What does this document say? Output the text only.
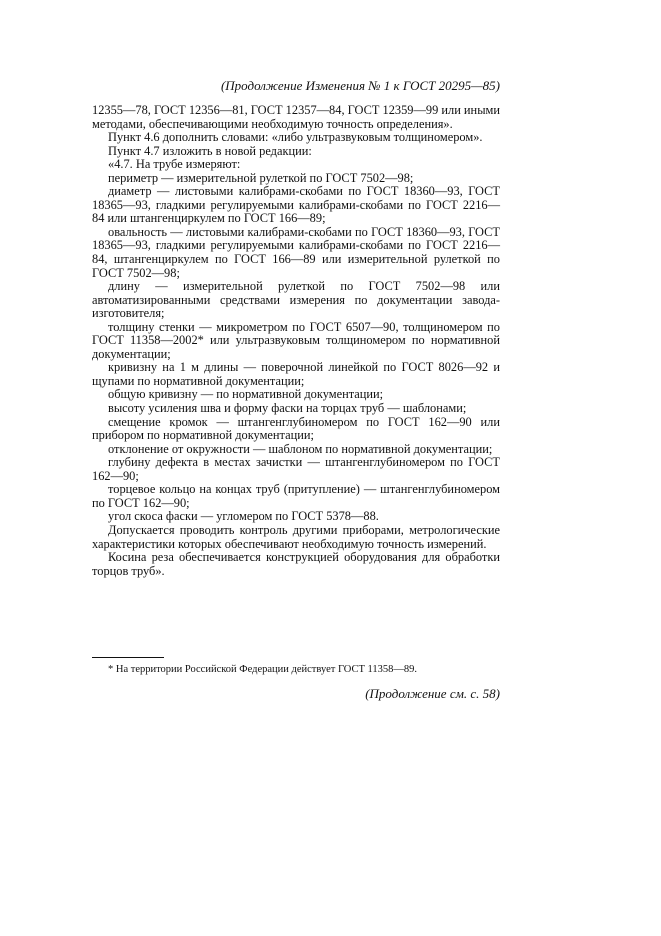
(Продолжение Изменения № 1 к ГОСТ 20295—85)

12355—78, ГОСТ 12356—81, ГОСТ 12357—84, ГОСТ 12359—99 или иными методами, обеспечивающими необходимую точность определения».

Пункт 4.6 дополнить словами: «либо ультразвуковым толщиномером».

Пункт 4.7 изложить в новой редакции:

«4.7. На трубе измеряют:

периметр — измерительной рулеткой по ГОСТ 7502—98;

диаметр — листовыми калибрами-скобами по ГОСТ 18360—93, ГОСТ 18365—93, гладкими регулируемыми калибрами-скобами по ГОСТ 2216—84 или штангенциркулем по ГОСТ 166—89;

овальность — листовыми калибрами-скобами по ГОСТ 18360—93, ГОСТ 18365—93, гладкими регулируемыми калибрами-скобами по ГОСТ 2216—84, штангенциркулем по ГОСТ 166—89 или измерительной рулеткой по ГОСТ 7502—98;

длину — измерительной рулеткой по ГОСТ 7502—98 или автоматизированными средствами измерения по документации завода-изготовителя;

толщину стенки — микрометром по ГОСТ 6507—90, толщиномером по ГОСТ 11358—2002* или ультразвуковым толщиномером по нормативной документации;

кривизну на 1 м длины — поверочной линейкой по ГОСТ 8026—92 и щупами по нормативной документации;

общую кривизну — по нормативной документации;

высоту усиления шва и форму фаски на торцах труб — шаблонами;

смещение кромок — штангенглубиномером по ГОСТ 162—90 или прибором по нормативной документации;

отклонение от окружности — шаблоном по нормативной документации;

глубину дефекта в местах зачистки — штангенглубиномером по ГОСТ 162—90;

торцевое кольцо на концах труб (притупление) — штангенглубиномером по ГОСТ 162—90;

угол скоса фаски — угломером по ГОСТ 5378—88.

Допускается проводить контроль другими приборами, метрологические характеристики которых обеспечивают необходимую точность измерений.

Косина реза обеспечивается конструкцией оборудования для обработки торцов труб».

* На территории Российской Федерации действует ГОСТ 11358—89.
(Продолжение см. с. 58)
